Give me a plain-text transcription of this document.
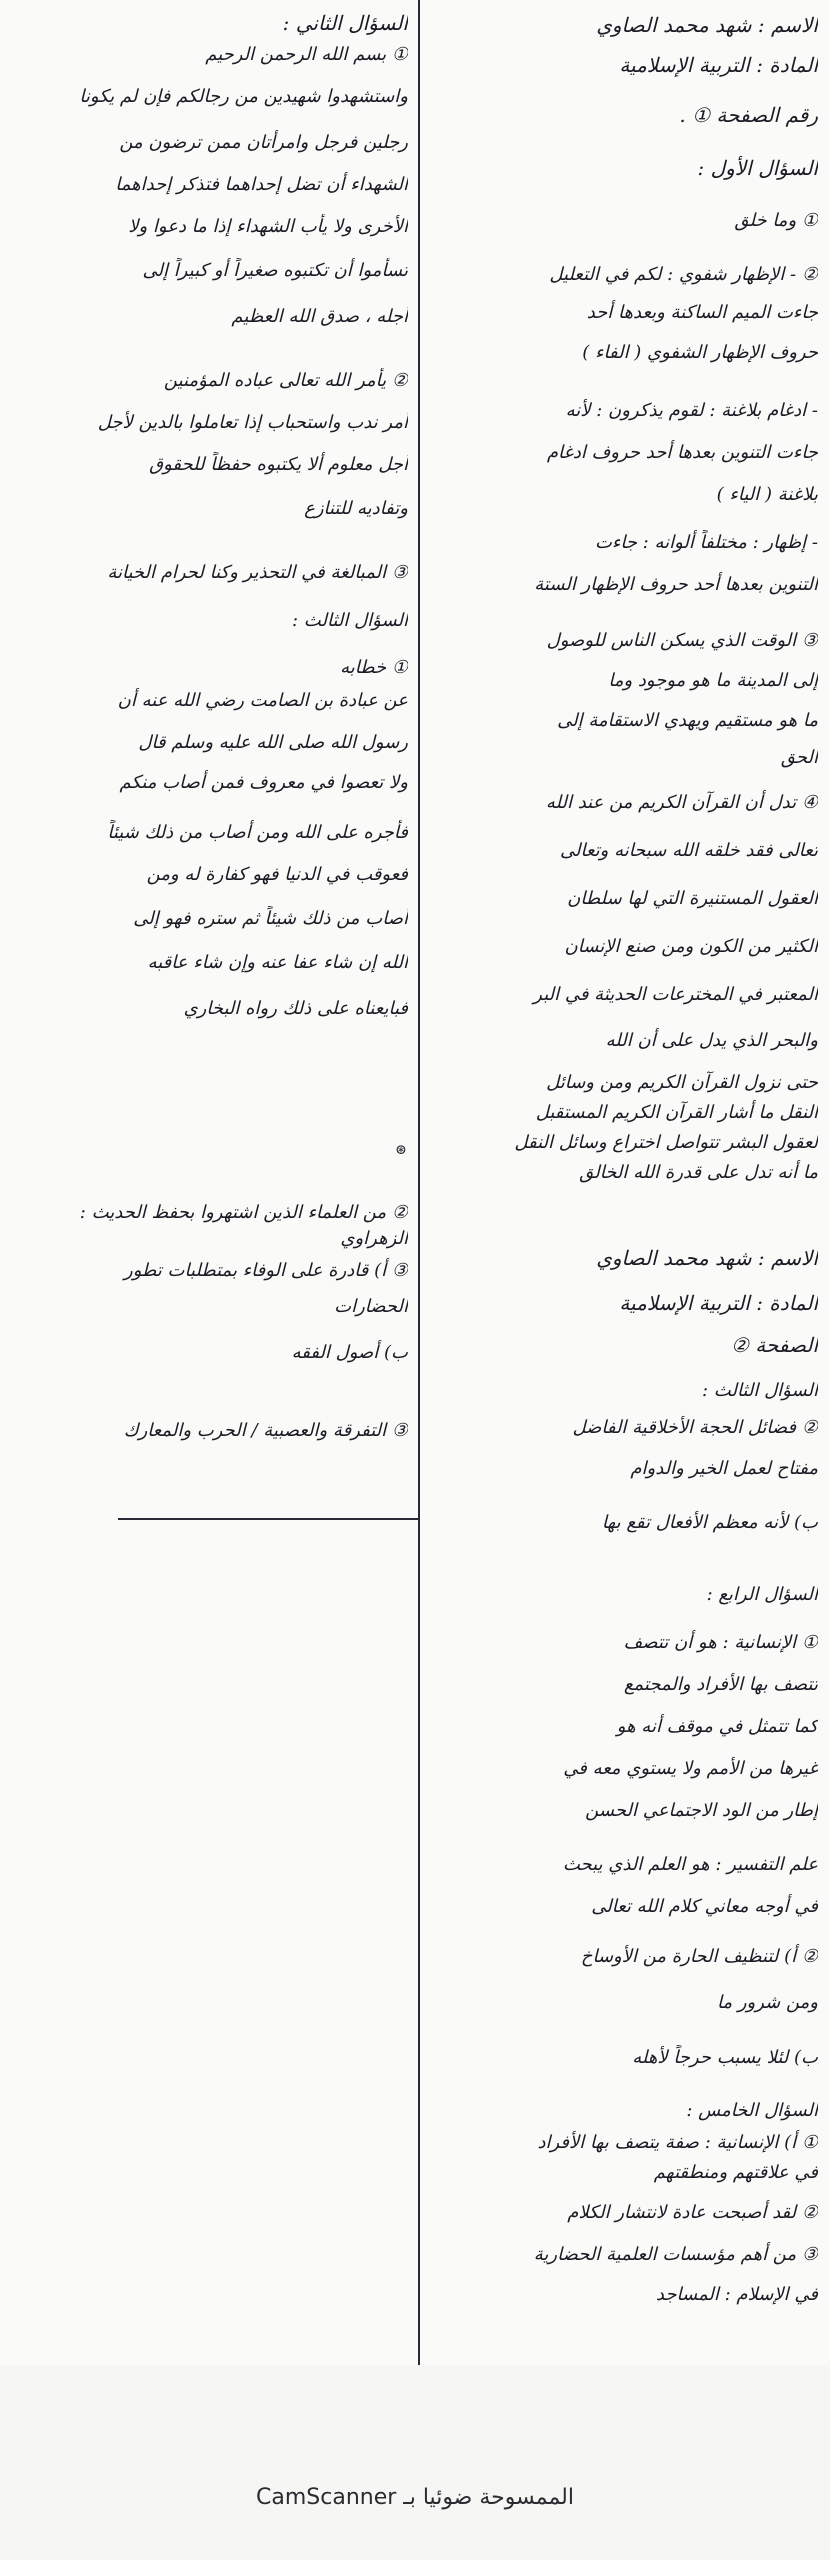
الاسم : شهد محمد الصاوي
المادة : التربية الإسلامية
رقم الصفحة ① .
السؤال الأول :
① وما خلق
② - الإظهار شفوي : لكم في التعليل
جاءت الميم الساكنة وبعدها أحد
حروف الإظهار الشفوي ( الفاء )
- ادغام بلاغنة : لقوم يذكرون : لأنه
جاءت التنوين بعدها أحد حروف ادغام
بلاغنة ( الياء )
- إظهار : مختلفاً ألوانه : جاءت
التنوين بعدها أحد حروف الإظهار الستة
③ الوقت الذي يسكن الناس للوصول
إلى المدينة ما هو موجود وما
ما هو مستقيم ويهدي الاستقامة إلى
الحق
④ تدل أن القرآن الكريم من عند الله
تعالى فقد خلقه الله سبحانه وتعالى
العقول المستنيرة التي لها سلطان
الكثير من الكون ومن صنع الإنسان
المعتبر في المخترعات الحديثة في البر
والبحر الذي يدل على أن الله
حتى نزول القرآن الكريم ومن وسائل
النقل ما أشار القرآن الكريم المستقبل
لعقول البشر تتواصل اختراع وسائل النقل
ما أنه تدل على قدرة الله الخالق
الاسم : شهد محمد الصاوي
المادة : التربية الإسلامية
الصفحة ②
السؤال الثالث :
② فضائل الحجة الأخلاقية الفاضل
مفتاح لعمل الخير والدوام
ب) لأنه معظم الأفعال تقع بها
السؤال الرابع :
① الإنسانية : هو أن تتصف
تتصف بها الأفراد والمجتمع
كما تتمثل في موقف أنه هو
غيرها من الأمم ولا يستوي معه في
إطار من الود الاجتماعي الحسن
علم التفسير : هو العلم الذي يبحث
في أوجه معاني كلام الله تعالى
② أ) لتنظيف الحارة من الأوساخ
ومن شرور ما
ب) لئلا يسبب حرجاً لأهله
السؤال الخامس :
① أ) الإنسانية : صفة يتصف بها الأفراد
في علاقتهم ومنطقتهم
② لقد أصبحت عادة لانتشار الكلام
③ من أهم مؤسسات العلمية الحضارية
في الإسلام : المساجد
السؤال الثاني :
① بسم الله الرحمن الرحيم
واستشهدوا شهيدين من رجالكم فإن لم يكونا
رجلين فرجل وامرأتان ممن ترضون من
الشهداء أن تضل إحداهما فتذكر إحداهما
الأخرى ولا يأب الشهداء إذا ما دعوا ولا
تسأموا أن تكتبوه صغيراً أو كبيراً إلى
أجله ، صدق الله العظيم
② يأمر الله تعالى عباده المؤمنين
أمر ندب واستحباب إذا تعاملوا بالدين لأجل
أجل معلوم ألا يكتبوه حفظاً للحقوق
وتفاديه للتنازع
③ المبالغة في التحذير وكنا لحرام الخيانة
السؤال الثالث :
① خطابه
عن عبادة بن الصامت رضي الله عنه أن
رسول الله صلى الله عليه وسلم قال
ولا تعصوا في معروف فمن أصاب منكم
فأجره على الله ومن أصاب من ذلك شيئاً
فعوقب في الدنيا فهو كفارة له ومن
أصاب من ذلك شيئاً ثم ستره فهو إلى
الله إن شاء عفا عنه وإن شاء عاقبه
فبايعناه على ذلك رواه البخاري
② من العلماء الذين اشتهروا بحفظ الحديث :
الزهراوي
③ أ) قادرة على الوفاء بمتطلبات تطور
الحضارات
ب) أصول الفقه
③ التفرقة والعصبية / الحرب والمعارك
⊛
الممسوحة ضوئيا بـ CamScanner
